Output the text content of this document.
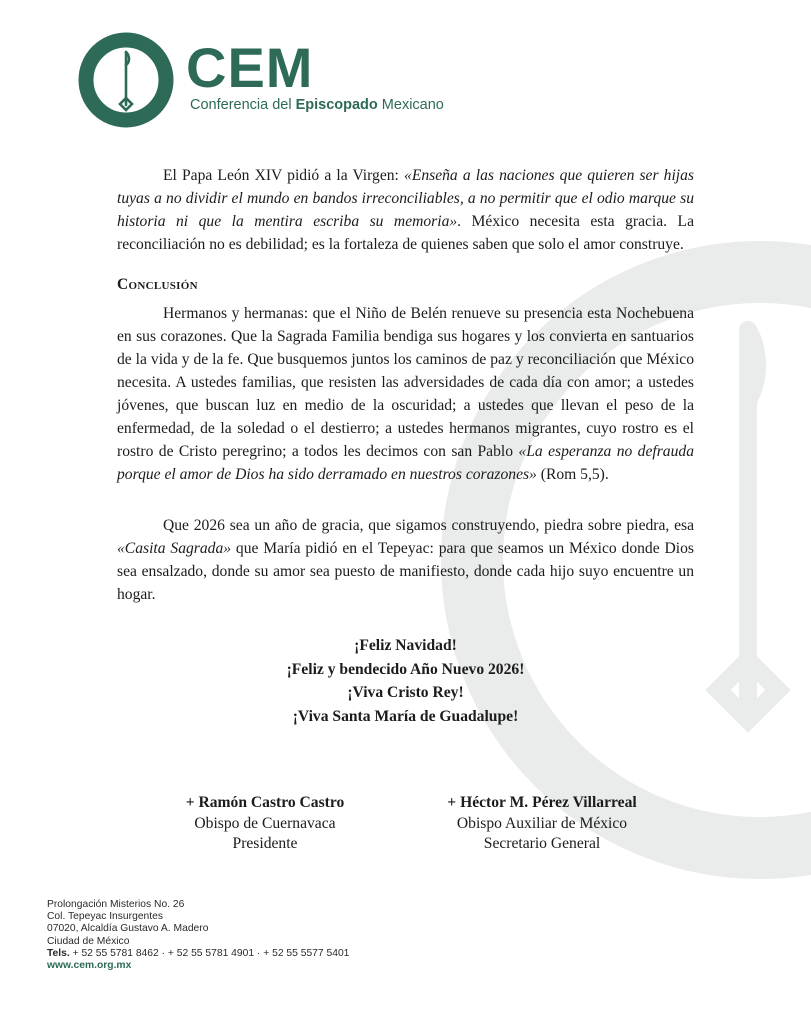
CEM
Conferencia del Episcopado Mexicano

El Papa León XIV pidió a la Virgen: «Enseña a las naciones que quieren ser hijas tuyas a no dividir el mundo en bandos irreconciliables, a no permitir que el odio marque su historia ni que la mentira escriba su memoria». México necesita esta gracia. La reconciliación no es debilidad; es la fortaleza de quienes saben que solo el amor construye.

Conclusión

Hermanos y hermanas: que el Niño de Belén renueve su presencia esta Nochebuena en sus corazones. Que la Sagrada Familia bendiga sus hogares y los convierta en santuarios de la vida y de la fe. Que busquemos juntos los caminos de paz y reconciliación que México necesita. A ustedes familias, que resisten las adversidades de cada día con amor; a ustedes jóvenes, que buscan luz en medio de la oscuridad; a ustedes que llevan el peso de la enfermedad, de la soledad o el destierro; a ustedes hermanos migrantes, cuyo rostro es el rostro de Cristo peregrino; a todos les decimos con san Pablo «La esperanza no defrauda porque el amor de Dios ha sido derramado en nuestros corazones» (Rom 5,5).

Que 2026 sea un año de gracia, que sigamos construyendo, piedra sobre piedra, esa «Casita Sagrada» que María pidió en el Tepeyac: para que seamos un México donde Dios sea ensalzado, donde su amor sea puesto de manifiesto, donde cada hijo suyo encuentre un hogar.

¡Feliz Navidad!
¡Feliz y bendecido Año Nuevo 2026!
¡Viva Cristo Rey!
¡Viva Santa María de Guadalupe!
+ Ramón Castro Castro
Obispo de Cuernavaca
Presidente
+ Héctor M. Pérez Villarreal
Obispo Auxiliar de México
Secretario General
Prolongación Misterios No. 26
Col. Tepeyac Insurgentes
07020, Alcaldía Gustavo A. Madero
Ciudad de México
Tels. + 52 55 5781 8462 · + 52 55 5781 4901 · + 52 55 5577 5401
www.cem.org.mx
